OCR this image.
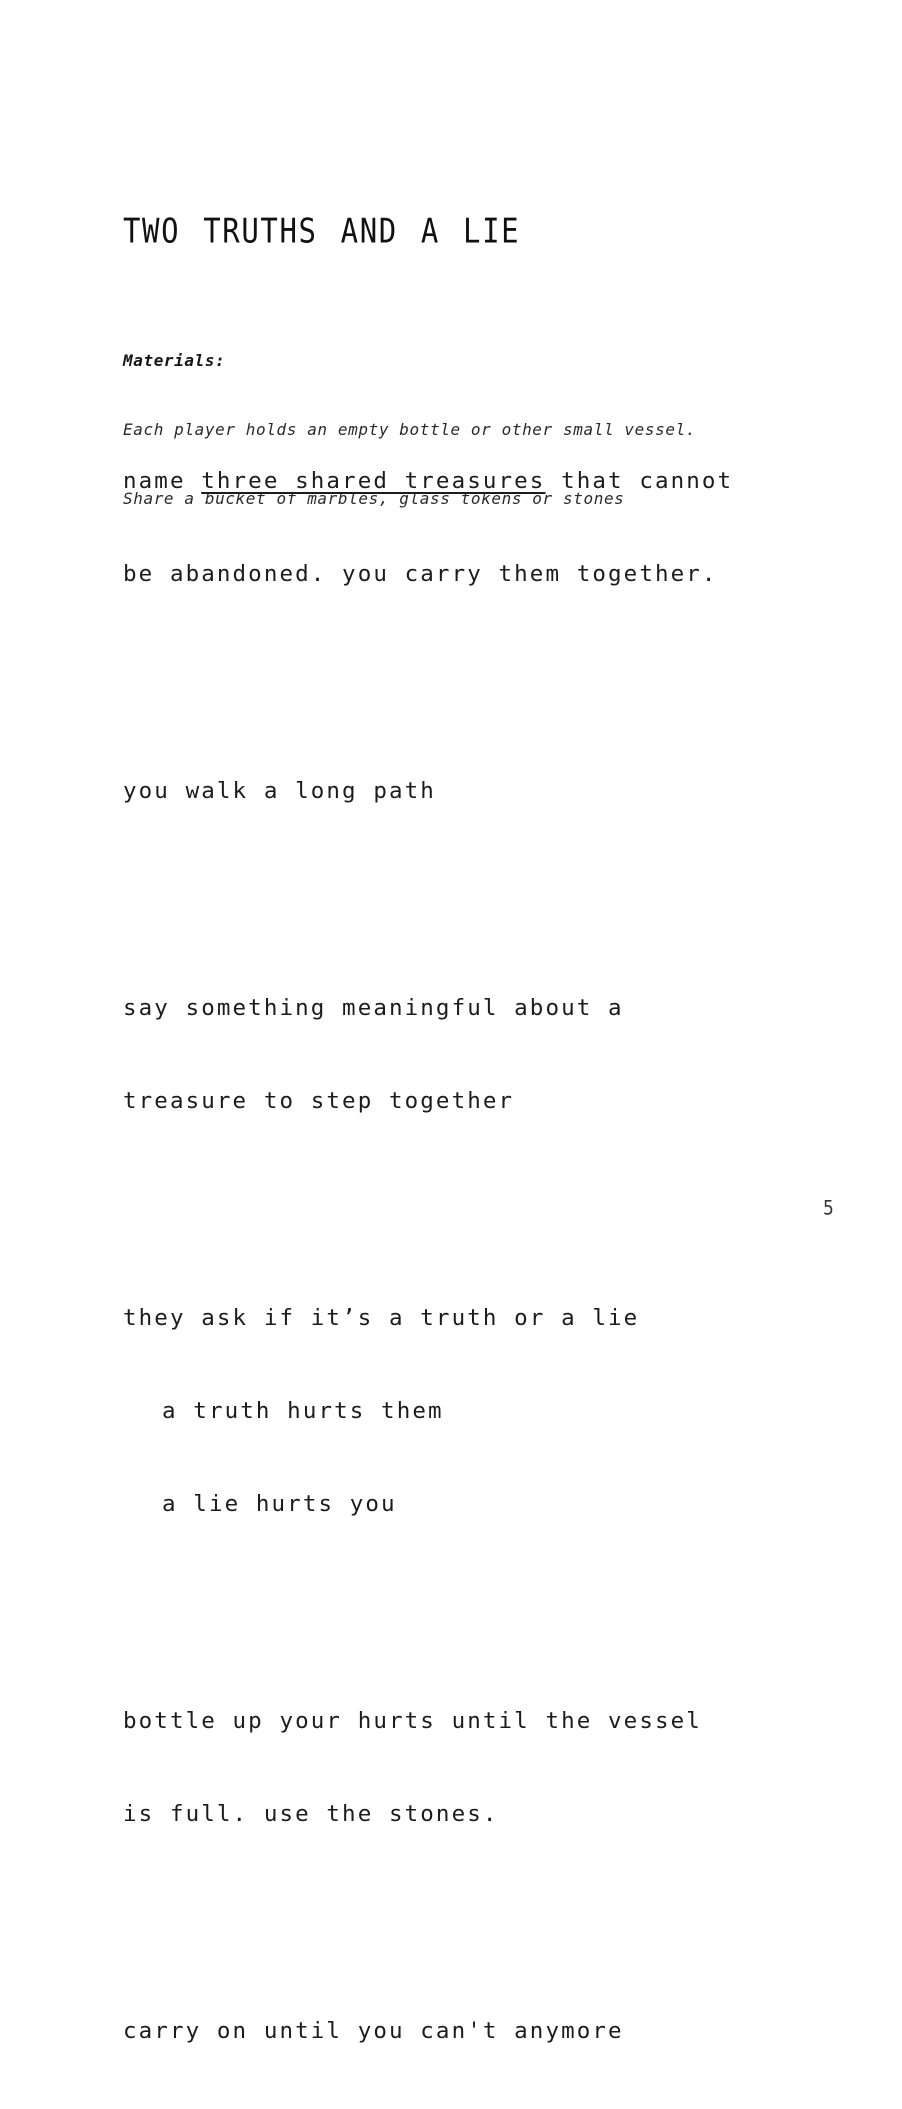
TWO TRUTHS AND A LIE

Materials:

Each player holds an empty bottle or other small vessel.

Share a bucket of marbles, glass tokens or stones

name three shared treasures that cannot

be abandoned. you carry them together.

you walk a long path

say something meaningful about a

treasure to step together

they ask if it’s a truth or a lie

a truth hurts them

a lie hurts you

bottle up your hurts until the vessel

is full. use the stones.

carry on until you can't anymore

5
